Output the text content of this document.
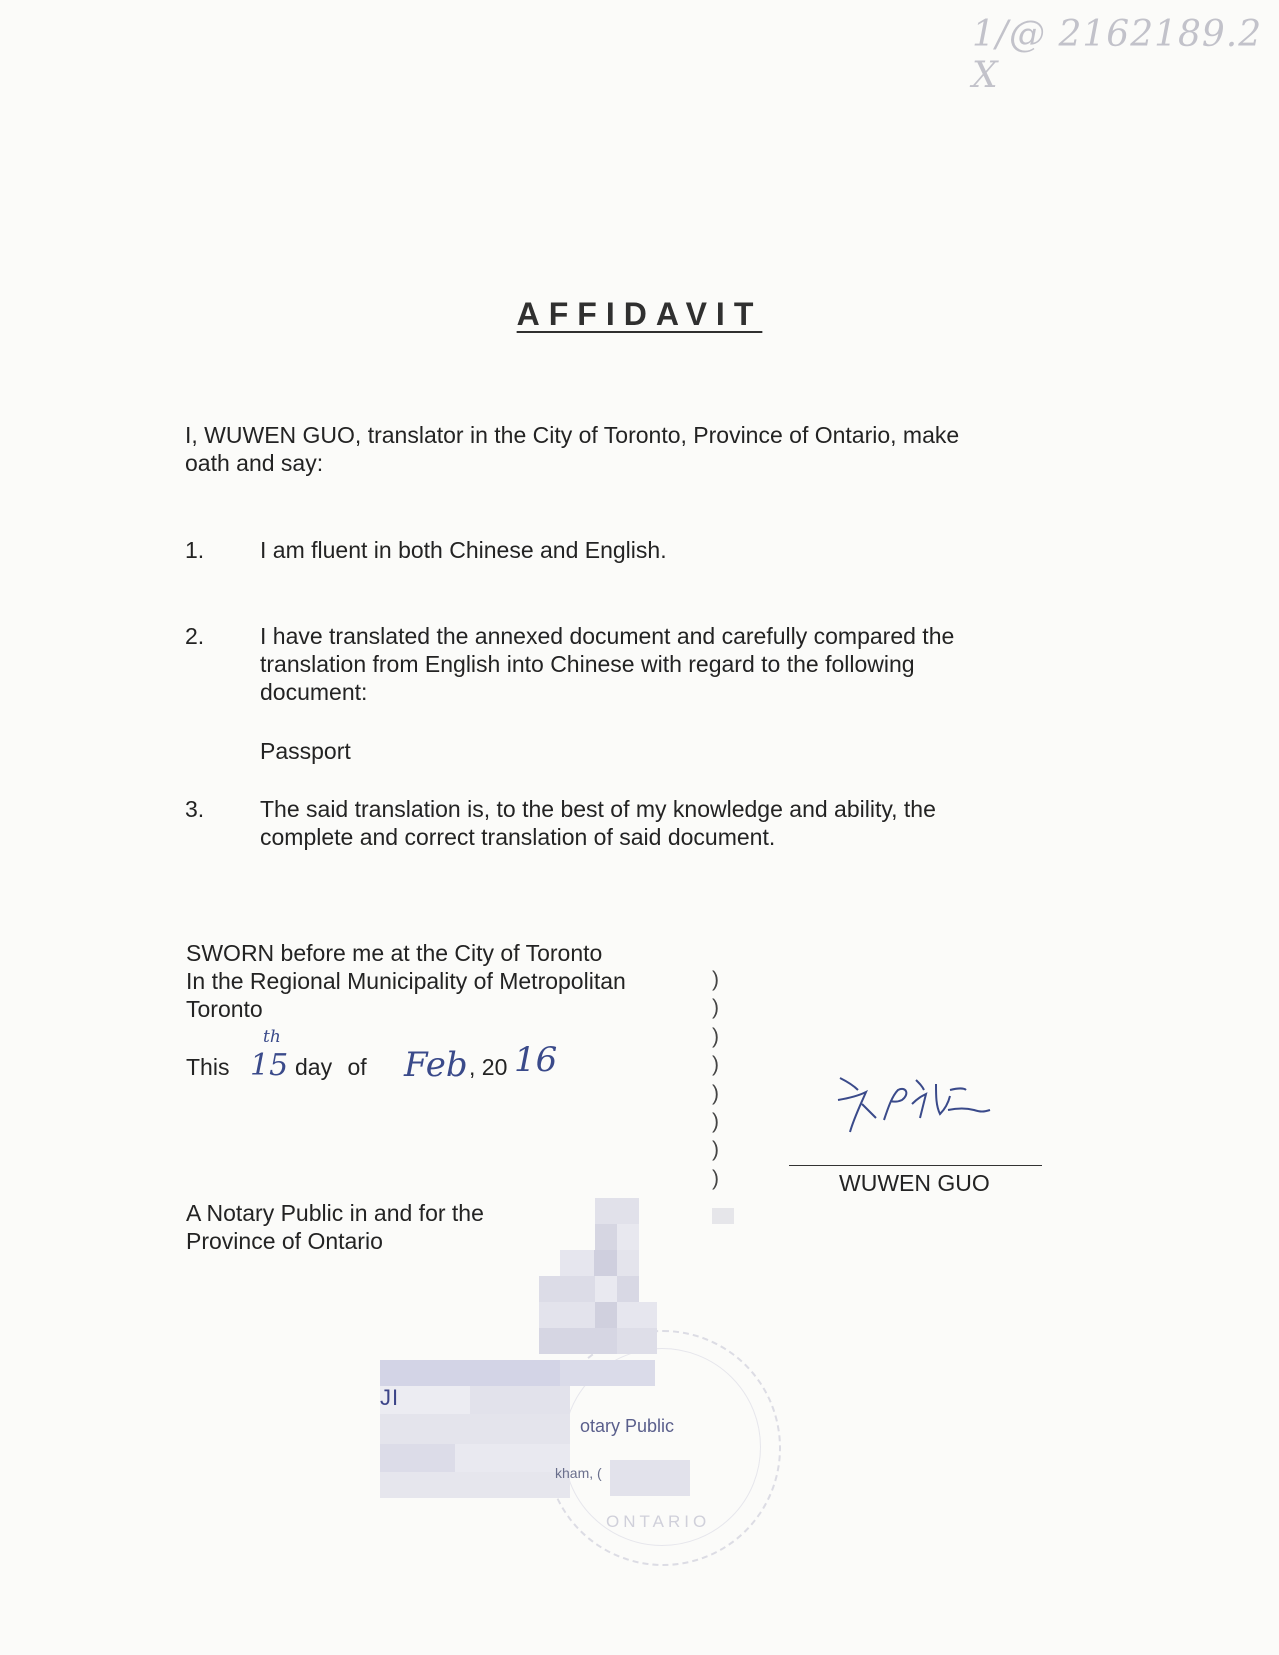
1/@ 2162189.2 X
AFFIDAVIT
I, WUWEN GUO, translator in the City of Toronto, Province of Ontario, make
oath and say:
1. I am fluent in both Chinese and English.
2. I have translated the annexed document and carefully compared the
translation from English into Chinese with regard to the following
document:
Passport
3. The said translation is, to the best of my knowledge and ability, the
complete and correct translation of said document.
SWORN before me at the City of Toronto
In the Regional Municipality of Metropolitan
Toronto
This 15
th
day of Feb , 20 16
)
)
)
)
)
)
)
)	WUWEN GUO
A Notary Public in and for the
Province of Ontario
ONTARIO
JI
otary Public
kham, (
